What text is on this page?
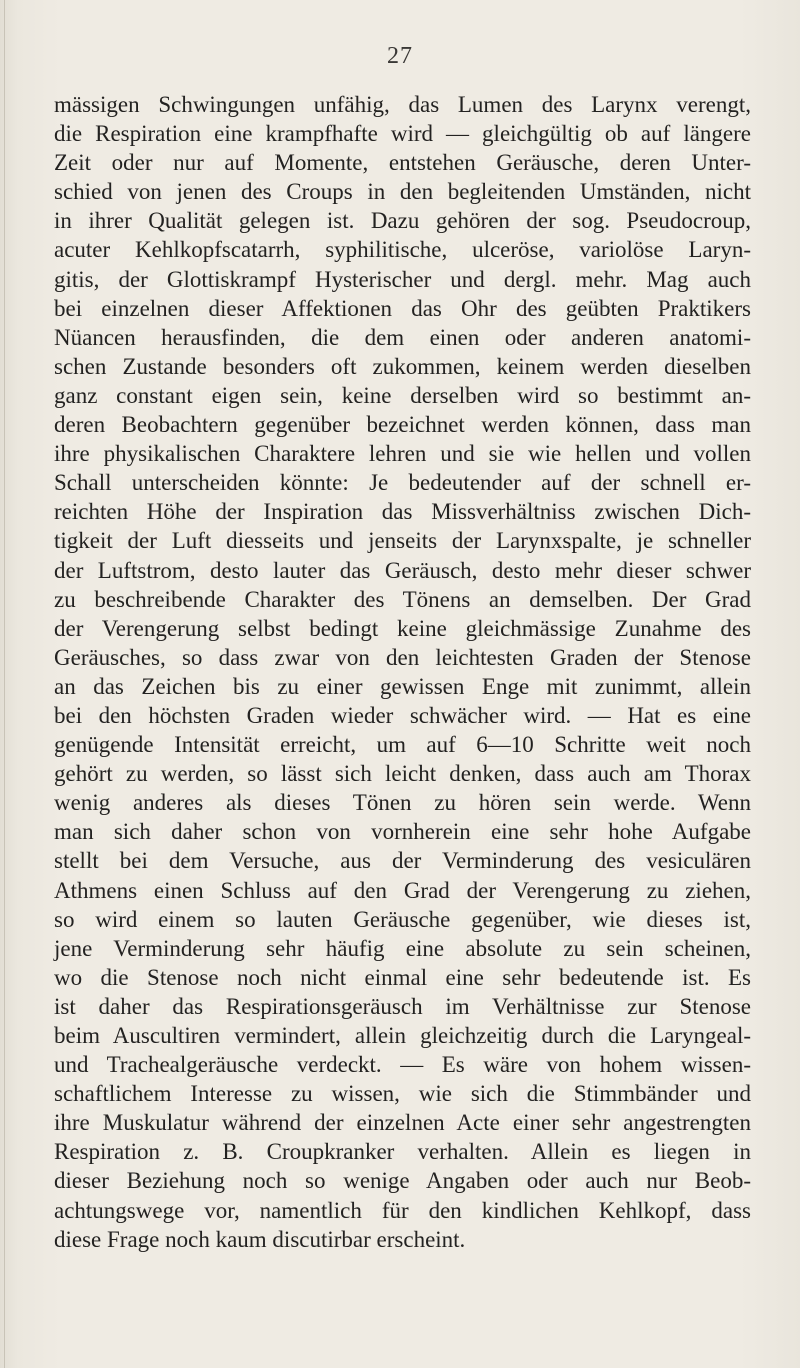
27
mässigen Schwingungen unfähig, das Lumen des Larynx verengt,
die Respiration eine krampfhafte wird — gleichgültig ob auf längere
Zeit oder nur auf Momente, entstehen Geräusche, deren Unter-
schied von jenen des Croups in den begleitenden Umständen, nicht
in ihrer Qualität gelegen ist. Dazu gehören der sog. Pseudocroup,
acuter Kehlkopfscatarrh, syphilitische, ulceröse, variolöse Laryn-
gitis, der Glottiskrampf Hysterischer und dergl. mehr. Mag auch
bei einzelnen dieser Affektionen das Ohr des geübten Praktikers
Nüancen herausfinden, die dem einen oder anderen anatomi-
schen Zustande besonders oft zukommen, keinem werden dieselben
ganz constant eigen sein, keine derselben wird so bestimmt an-
deren Beobachtern gegenüber bezeichnet werden können, dass man
ihre physikalischen Charaktere lehren und sie wie hellen und vollen
Schall unterscheiden könnte: Je bedeutender auf der schnell er-
reichten Höhe der Inspiration das Missverhältniss zwischen Dich-
tigkeit der Luft diesseits und jenseits der Larynxspalte, je schneller
der Luftstrom, desto lauter das Geräusch, desto mehr dieser schwer
zu beschreibende Charakter des Tönens an demselben. Der Grad
der Verengerung selbst bedingt keine gleichmässige Zunahme des
Geräusches, so dass zwar von den leichtesten Graden der Stenose
an das Zeichen bis zu einer gewissen Enge mit zunimmt, allein
bei den höchsten Graden wieder schwächer wird. — Hat es eine
genügende Intensität erreicht, um auf 6—10 Schritte weit noch
gehört zu werden, so lässt sich leicht denken, dass auch am Thorax
wenig anderes als dieses Tönen zu hören sein werde. Wenn
man sich daher schon von vornherein eine sehr hohe Aufgabe
stellt bei dem Versuche, aus der Verminderung des vesiculären
Athmens einen Schluss auf den Grad der Verengerung zu ziehen,
so wird einem so lauten Geräusche gegenüber, wie dieses ist,
jene Verminderung sehr häufig eine absolute zu sein scheinen,
wo die Stenose noch nicht einmal eine sehr bedeutende ist. Es
ist daher das Respirationsgeräusch im Verhältnisse zur Stenose
beim Auscultiren vermindert, allein gleichzeitig durch die Laryngeal-
und Trachealgeräusche verdeckt. — Es wäre von hohem wissen-
schaftlichem Interesse zu wissen, wie sich die Stimmbänder und
ihre Muskulatur während der einzelnen Acte einer sehr angestrengten
Respiration z. B. Croupkranker verhalten. Allein es liegen in
dieser Beziehung noch so wenige Angaben oder auch nur Beob-
achtungswege vor, namentlich für den kindlichen Kehlkopf, dass
diese Frage noch kaum discutirbar erscheint.
